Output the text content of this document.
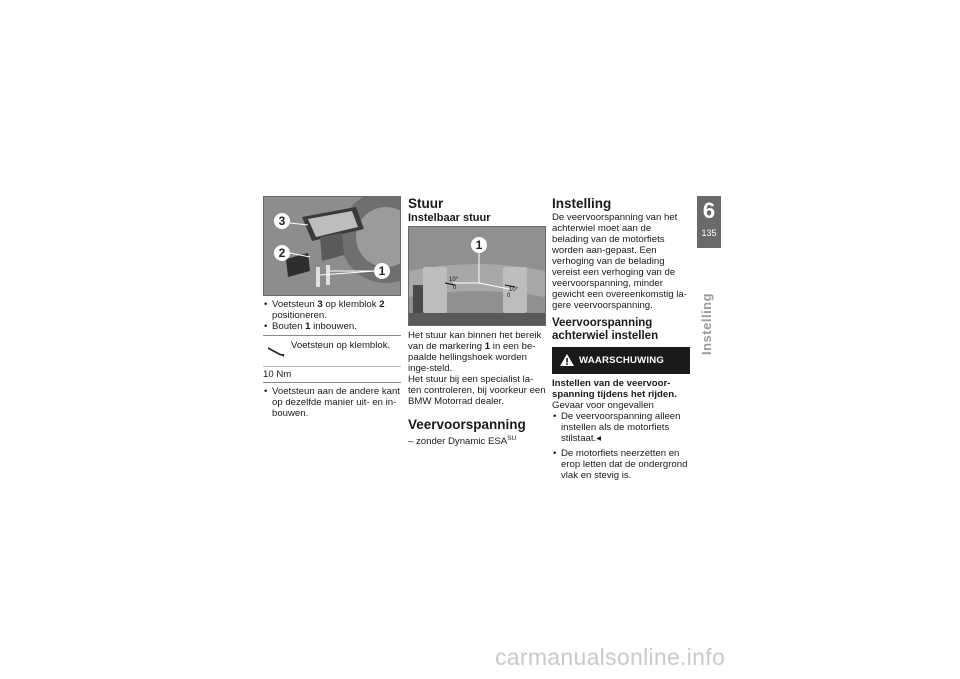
3
2
1
• Voetsteun 3 op klemblok 2
positioneren.
• Bouten 1 inbouwen.
Voetsteun op klemblok.
10 Nm
• Voetsteun aan de andere kant op dezelfde manier uit- en in-bouwen.
Stuur
Instelbaar stuur
10°
0	10°
0
1

Het stuur kan binnen het bereik van de markering 1 in een be-paalde hellingshoek worden inge-steld.

Het stuur bij een specialist la-ten controleren, bij voorkeur een BMW Motorrad dealer.

Veervoorspanning

– zonder Dynamic $ESA^{SU}$

Instelling

De veervoorspanning van het achterwiel moet aan de belading van de motorfiets worden aan-gepast. Een verhoging van de belading vereist een verhoging van de veervoorspanning, minder gewicht een overeenkomstig la-gere veervoorspanning.

Veervoorspanning achterwiel instellen
WAARSCHUWING
Instellen van de veervoor-spanning tijdens het rijden.

Gevaar voor ongevallen

• De veervoorspanning alleen instellen als de motorfiets stilstaat.◂
• De motorfiets neerzetten en erop letten dat de ondergrond vlak en stevig is.
6
135
Instelling
carmanualsonline.info
